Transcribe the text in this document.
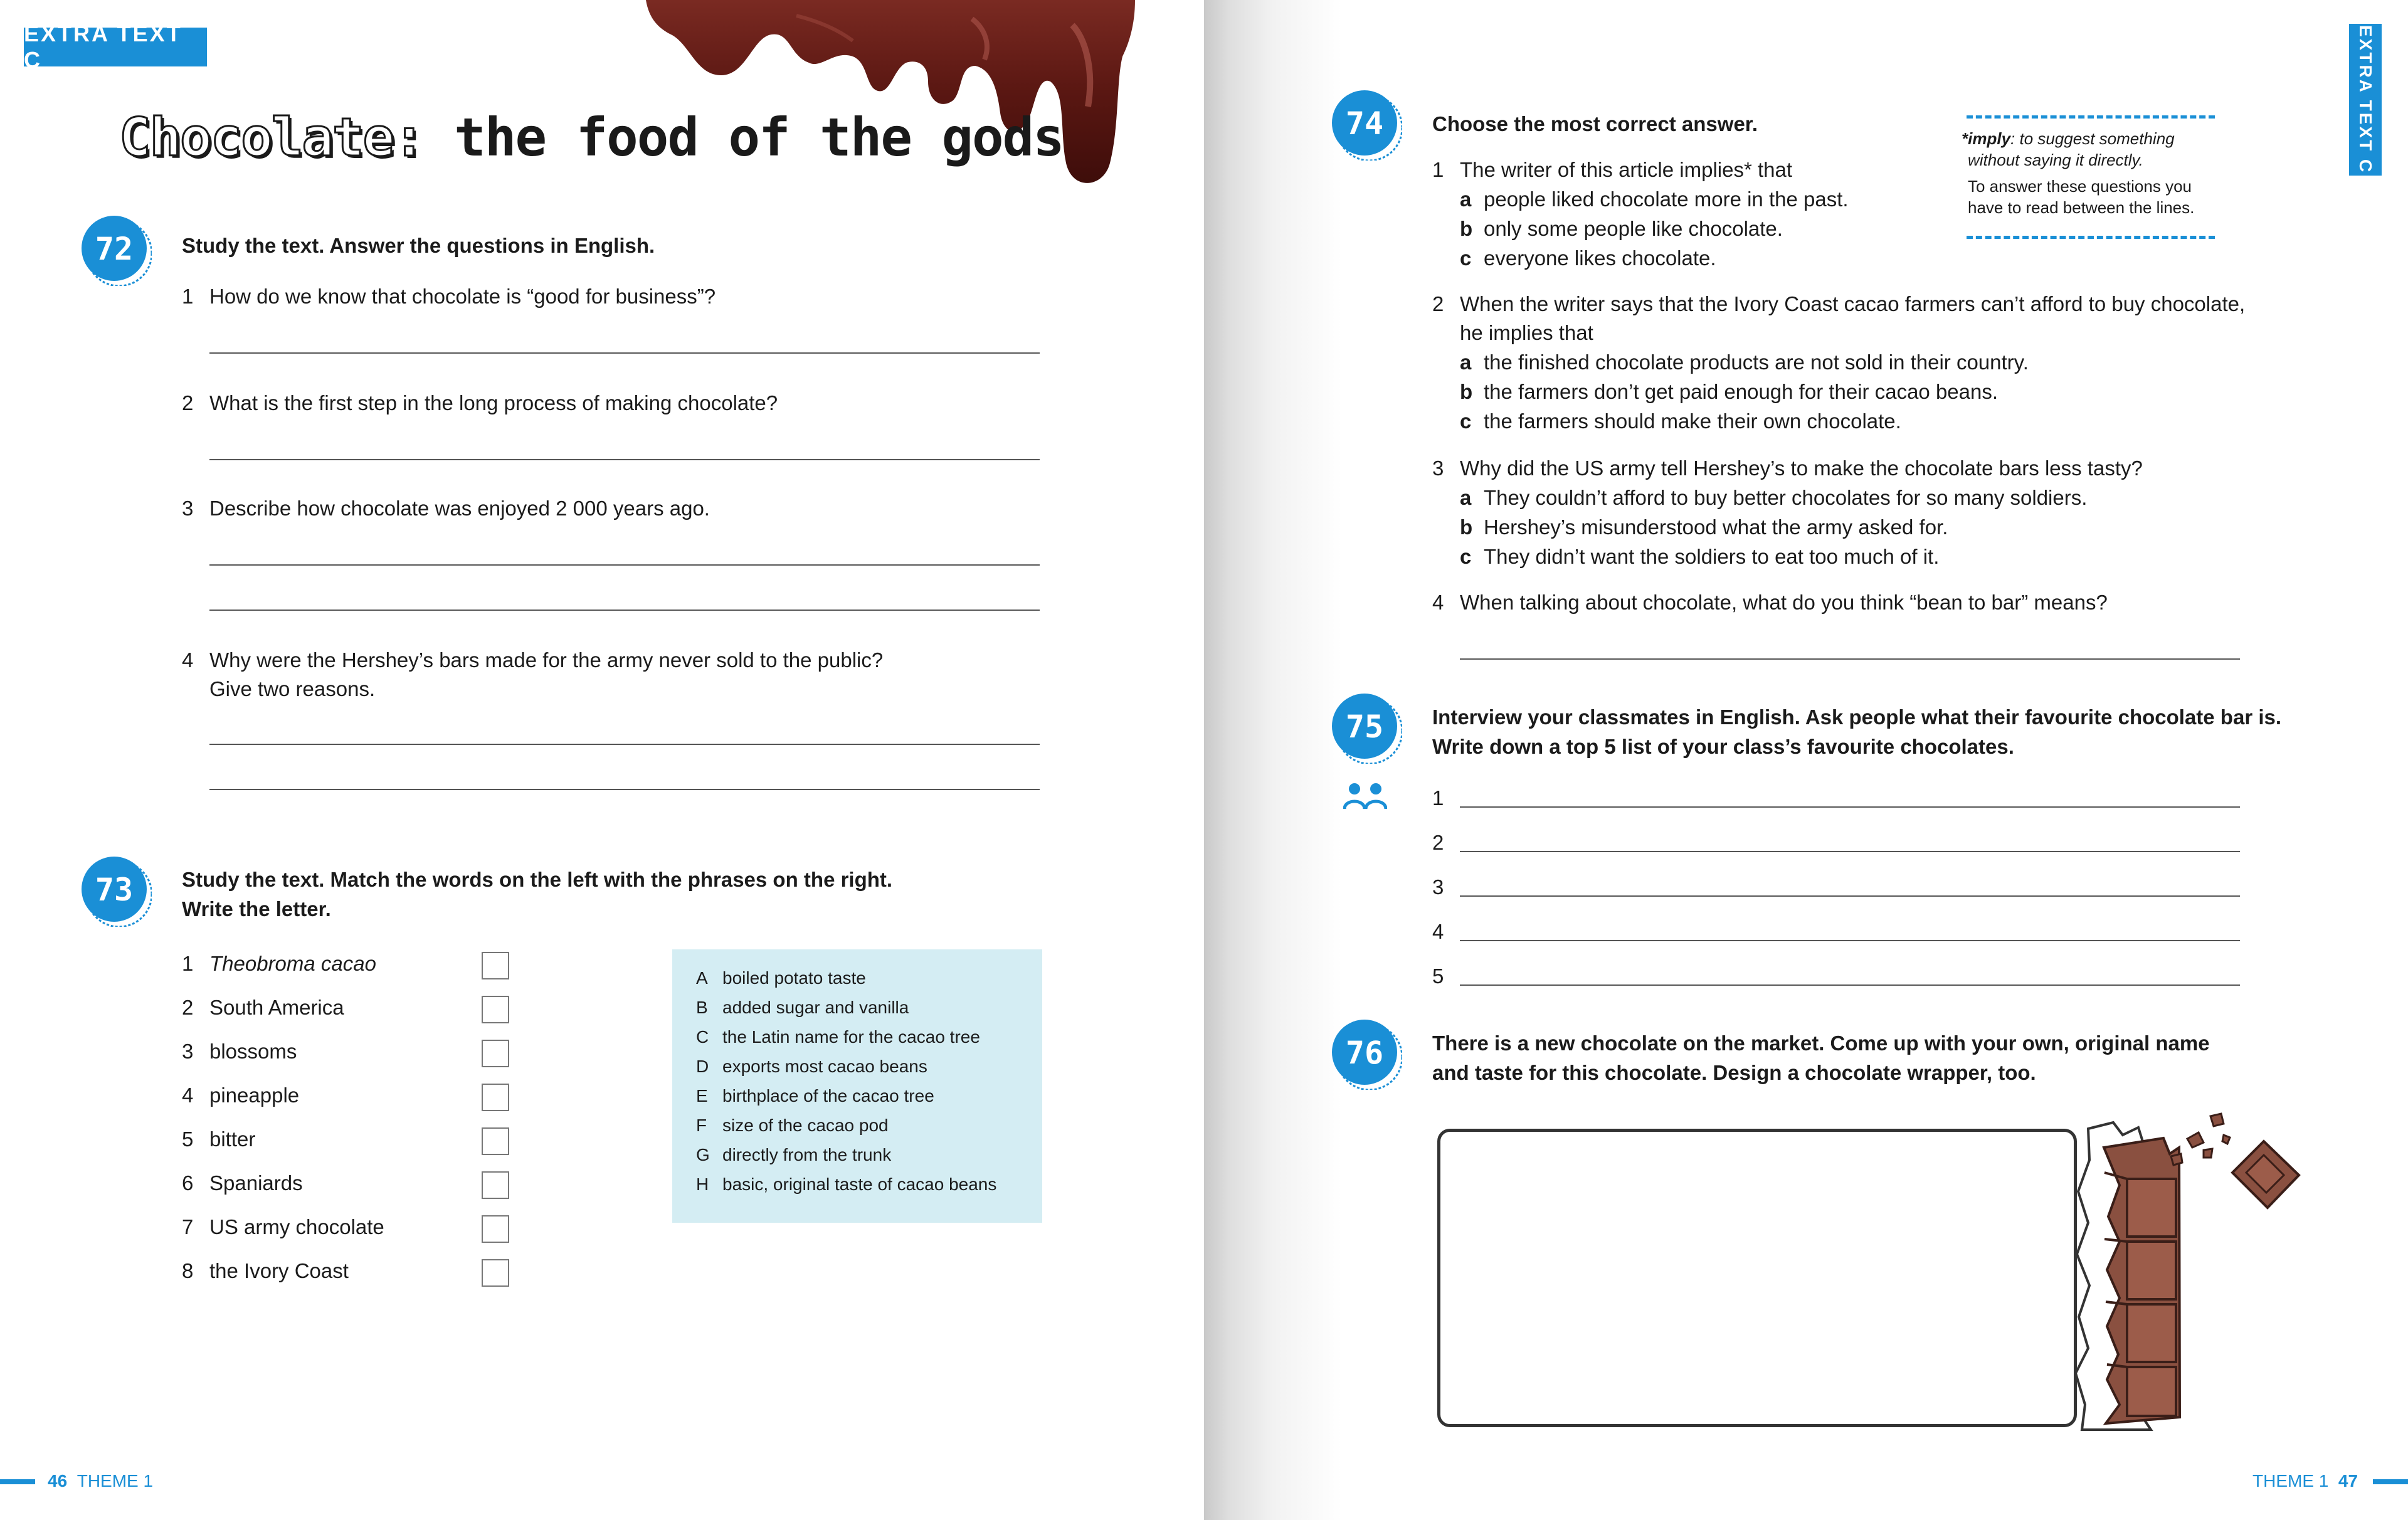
EXTRA TEXT C
Chocolate: the food of the gods
72 Study the text. Answer the questions in English.
1 How do we know that chocolate is “good for business”?
2 What is the first step in the long process of making chocolate?
3 Describe how chocolate was enjoyed 2 000 years ago.
4 Why were the Hershey’s bars made for the army never sold to the public?
Give two reasons.
73 Study the text. Match the words on the left with the phrases on the right.
Write the letter.
1 Theobroma cacao
2 South America
3 blossoms
4 pineapple
5 bitter
6 Spaniards
7 US army chocolate
8 the Ivory Coast
A boiled potato taste
B added sugar and vanilla
C the Latin name for the cacao tree
D exports most cacao beans
E birthplace of the cacao tree
F size of the cacao pod
G directly from the trunk
H basic, original taste of cacao beans
46 THEME 1
EXTRA TEXT C
74 Choose the most correct answer.
*imply: to suggest something
without saying it directly.
To answer these questions you
have to read between the lines.
1 The writer of this article implies* that
a people liked chocolate more in the past.
b only some people like chocolate.
c everyone likes chocolate.
2 When the writer says that the Ivory Coast cacao farmers can’t afford to buy chocolate,
he implies that
a the finished chocolate products are not sold in their country.
b the farmers don’t get paid enough for their cacao beans.
c the farmers should make their own chocolate.
3 Why did the US army tell Hershey’s to make the chocolate bars less tasty?
a They couldn’t afford to buy better chocolates for so many soldiers.
b Hershey’s misunderstood what the army asked for.
c They didn’t want the soldiers to eat too much of it.
4 When talking about chocolate, what do you think “bean to bar” means?
75 Interview your classmates in English. Ask people what their favourite chocolate bar is.
Write down a top 5 list of your class’s favourite chocolates.
1
2
3
4
5
76 There is a new chocolate on the market. Come up with your own, original name
and taste for this chocolate. Design a chocolate wrapper, too.
THEME 1 47
